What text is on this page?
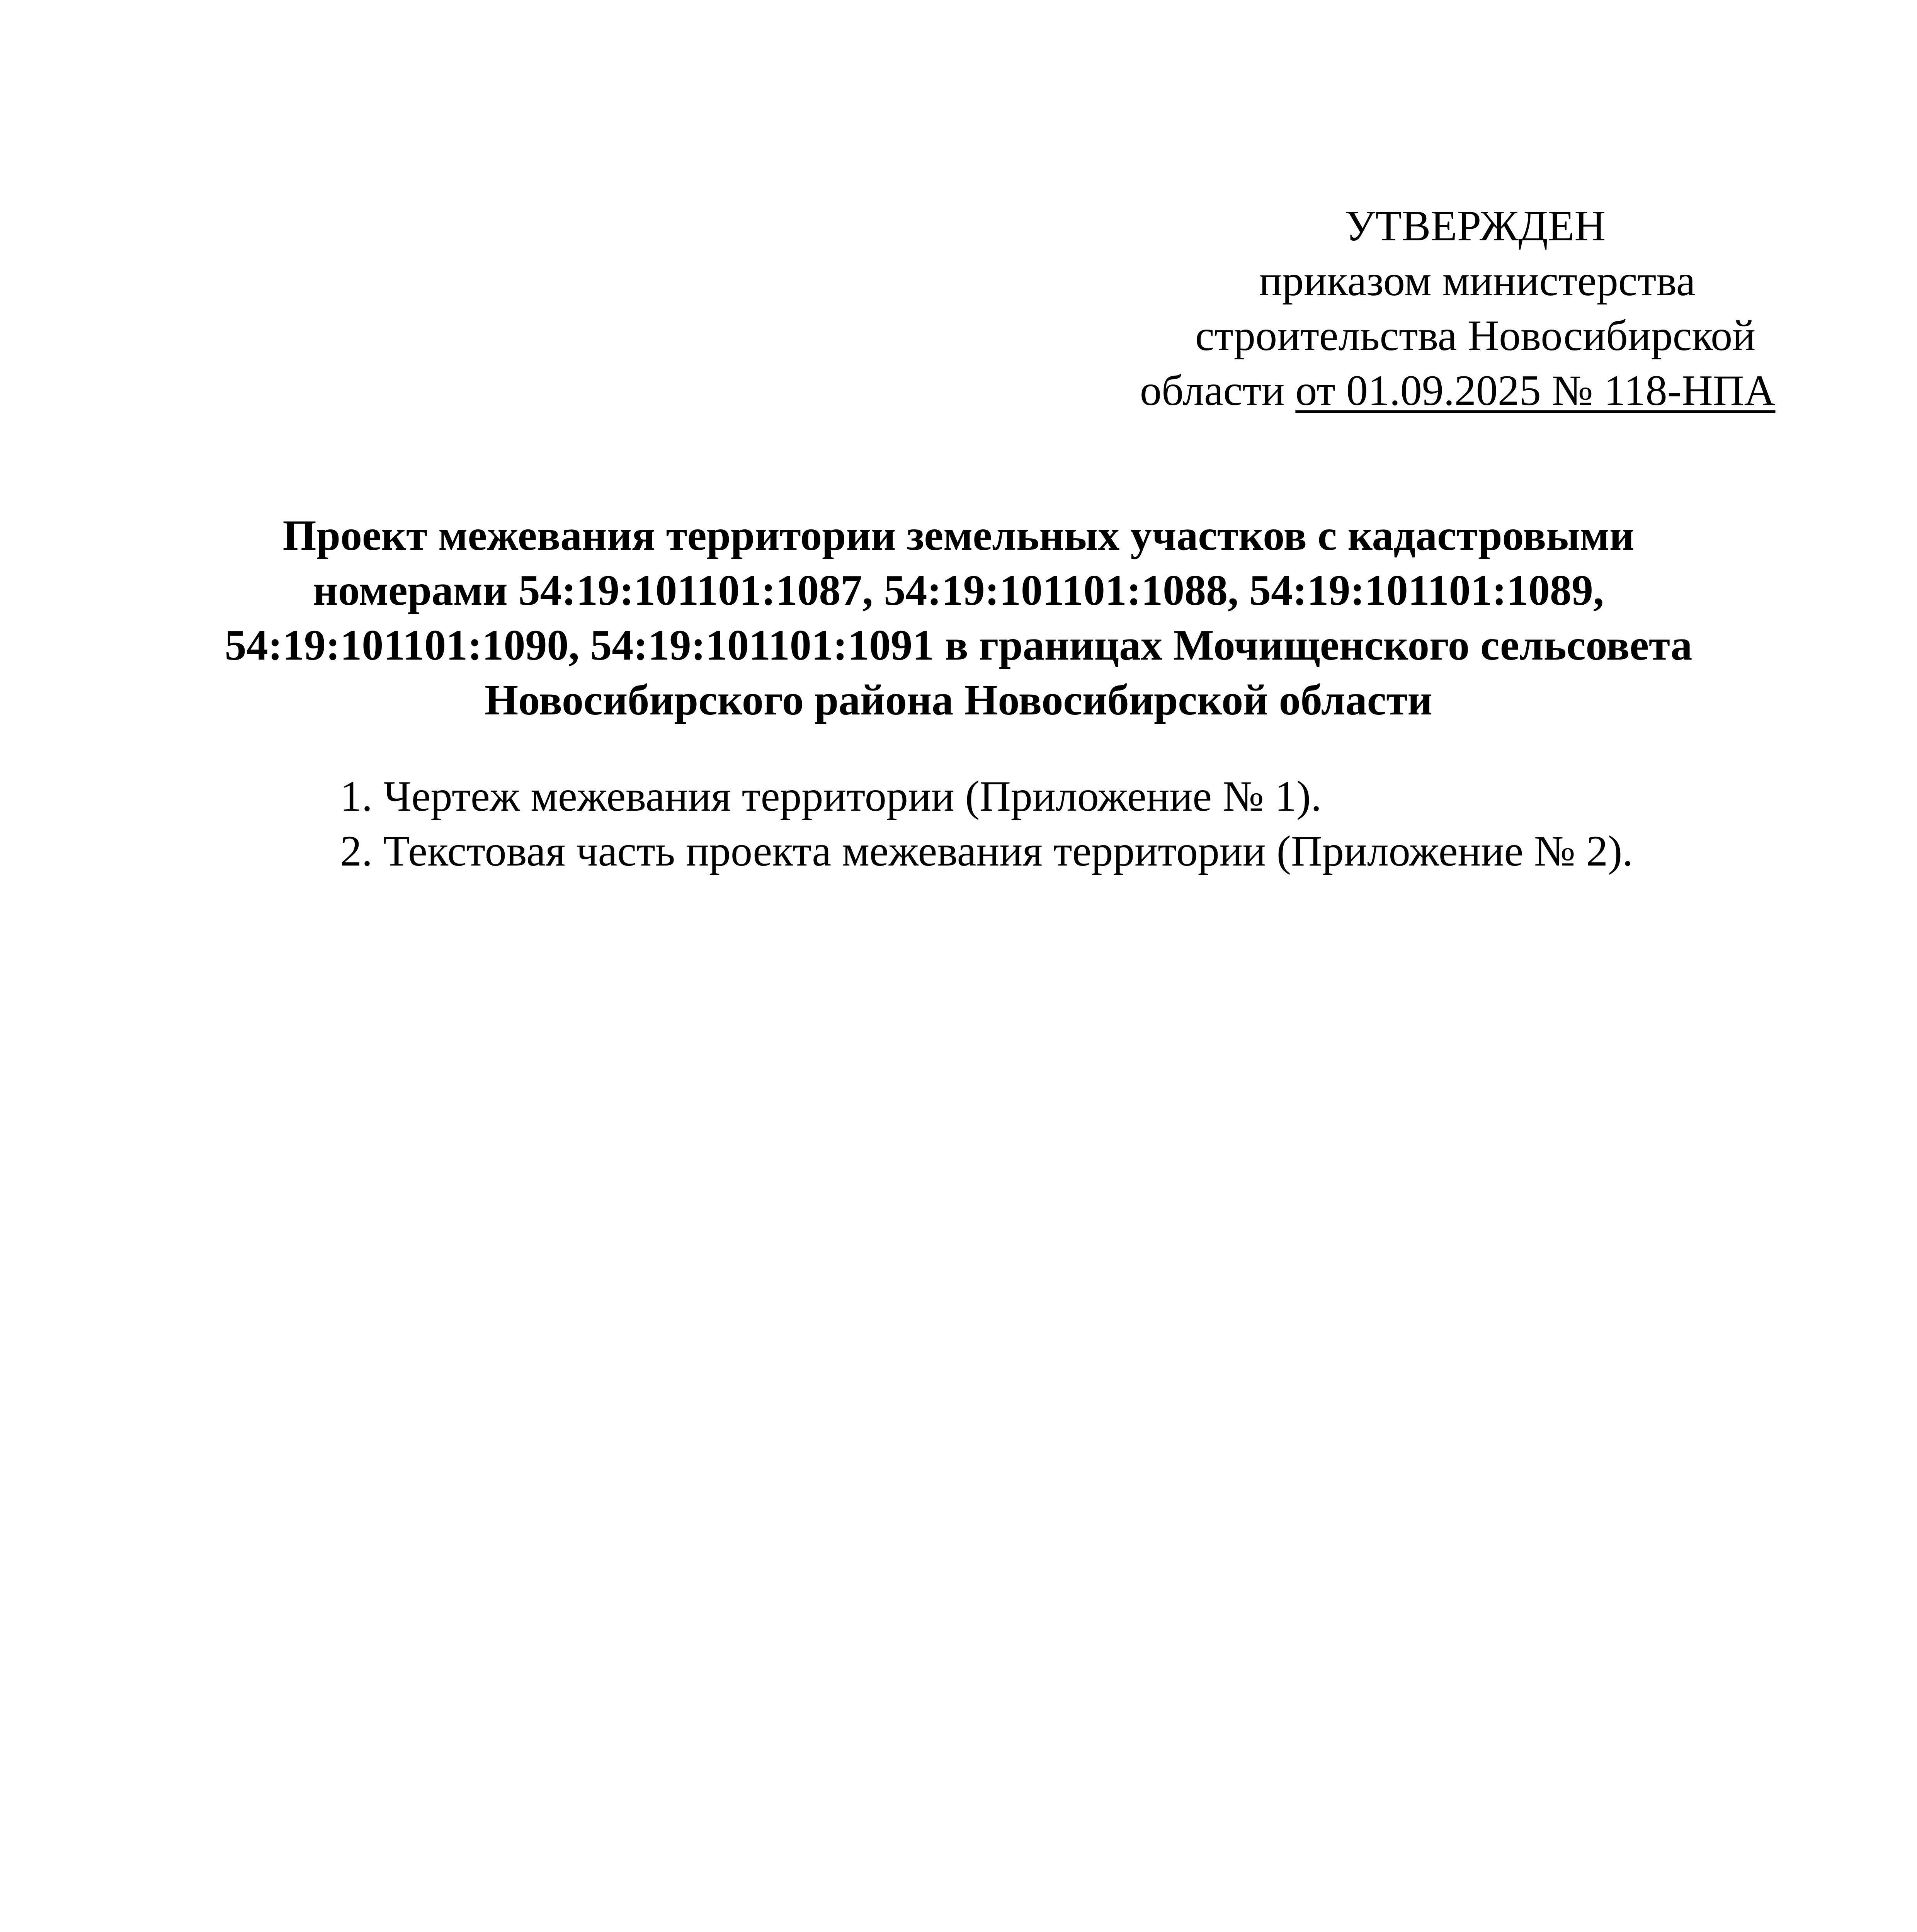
УТВЕРЖДЕН
приказом министерства
строительства Новосибирской
области от 01.09.2025 № 118-НПА
Проект межевания территории земельных участков с кадастровыми
номерами 54:19:101101:1087, 54:19:101101:1088, 54:19:101101:1089,
54:19:101101:1090, 54:19:101101:1091 в границах Мочищенского сельсовета
Новосибирского района Новосибирской области
1. Чертеж межевания территории (Приложение № 1).
2. Текстовая часть проекта межевания территории (Приложение № 2).
